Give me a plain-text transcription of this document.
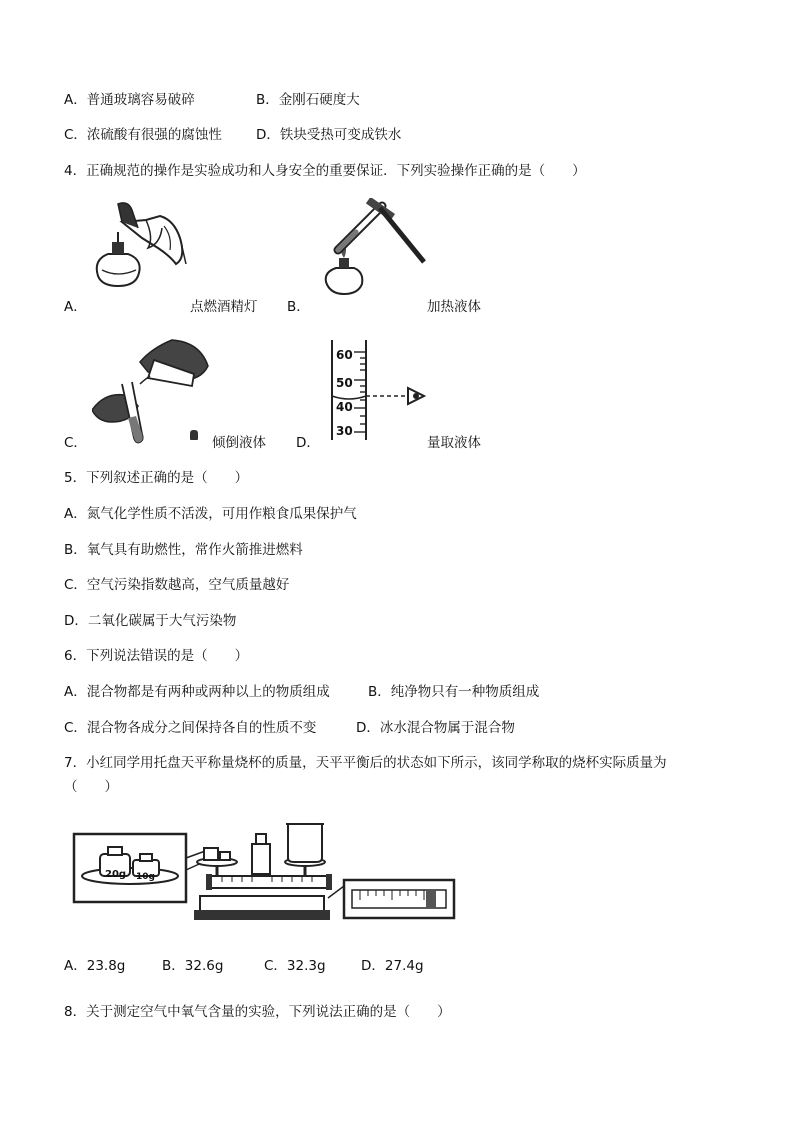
A．普通玻璃容易破碎	B．金刚石硬度大
C．浓硫酸有很强的腐蚀性	D．铁块受热可变成铁水
4．正确规范的操作是实验成功和人身安全的重要保证．下列实验操作正确的是（　　）
A．	点燃酒精灯 B．	加热液体
C．	倾倒液体
60
50
40
30
D．	量取液体
5．下列叙述正确的是（　　）
A．氮气化学性质不活泼，可用作粮食瓜果保护气
B．氧气具有助燃性，常作火箭推进燃料
C．空气污染指数越高，空气质量越好
D．二氧化碳属于大气污染物
6．下列说法错误的是（　　）
A．混合物都是有两种或两种以上的物质组成	B．纯净物只有一种物质组成
C．混合物各成分之间保持各自的性质不变	D．冰水混合物属于混合物
7．小红同学用托盘天平称量烧杯的质量，天平平衡后的状态如下所示，该同学称取的烧杯实际质量为
（　　）
20g 10g
A．23.8g	B．32.6g	C．32.3g	D．27.4g
8．关于测定空气中氧气含量的实验，下列说法正确的是（　　）
